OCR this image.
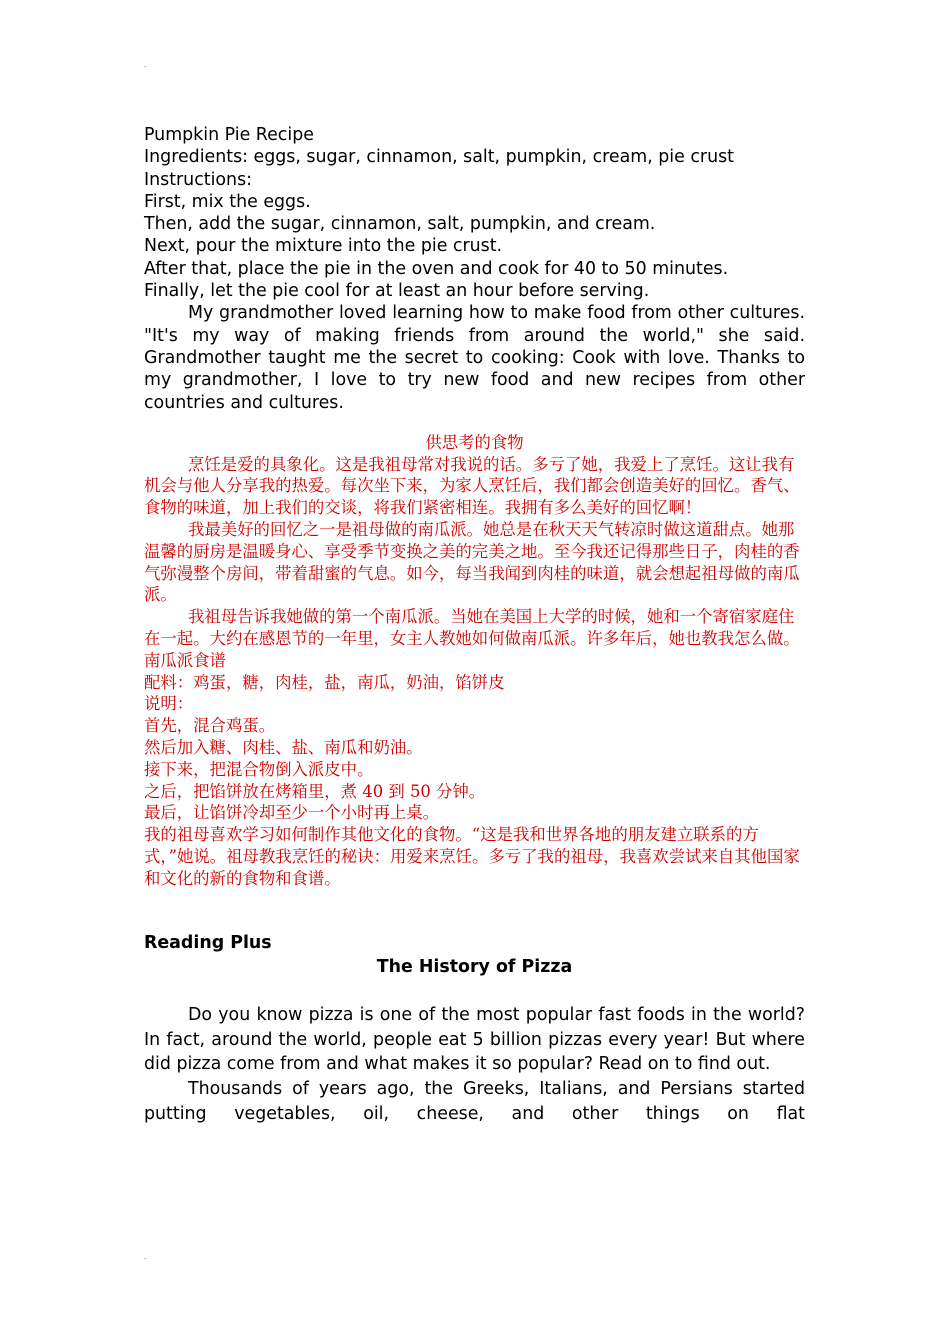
-

Pumpkin Pie Recipe

Ingredients: eggs, sugar, cinnamon, salt, pumpkin, cream, pie crust

Instructions:

First, mix the eggs.

Then, add the sugar, cinnamon, salt, pumpkin, and cream.

Next, pour the mixture into the pie crust.

After that, place the pie in the oven and cook for 40 to 50 minutes.

Finally, let the pie cool for at least an hour before serving.

My grandmother loved learning how to make food from other cultures. "It's my way of making friends from around the world," she said. Grandmother taught me the secret to cooking: Cook with love. Thanks to my grandmother, I love to try new food and new recipes from other countries and cultures.

供思考的食物

烹饪是爱的具象化。这是我祖母常对我说的话。多亏了她，我爱上了烹饪。这让我有机会与他人分享我的热爱。每次坐下来，为家人烹饪后，我们都会创造美好的回忆。香气、食物的味道，加上我们的交谈，将我们紧密相连。我拥有多么美好的回忆啊！

我最美好的回忆之一是祖母做的南瓜派。她总是在秋天天气转凉时做这道甜点。她那温馨的厨房是温暖身心、享受季节变换之美的完美之地。至今我还记得那些日子，肉桂的香气弥漫整个房间，带着甜蜜的气息。如今，每当我闻到肉桂的味道，就会想起祖母做的南瓜派。

我祖母告诉我她做的第一个南瓜派。当她在美国上大学的时候，她和一个寄宿家庭住在一起。大约在感恩节的一年里，女主人教她如何做南瓜派。许多年后，她也教我怎么做。

南瓜派食谱

配料：鸡蛋，糖，肉桂，盐，南瓜，奶油，馅饼皮

说明：

首先，混合鸡蛋。

然后加入糖、肉桂、盐、南瓜和奶油。

接下来，把混合物倒入派皮中。

之后，把馅饼放在烤箱里，煮 40 到 50 分钟。

最后，让馅饼冷却至少一个小时再上桌。

我的祖母喜欢学习如何制作其他文化的食物。“这是我和世界各地的朋友建立联系的方式，”她说。祖母教我烹饪的秘诀：用爱来烹饪。多亏了我的祖母，我喜欢尝试来自其他国家和文化的新的食物和食谱。

Reading Plus
The History of Pizza

Do you know pizza is one of the most popular fast foods in the world? In fact, around the world, people eat 5 billion pizzas every year! But where did pizza come from and what makes it so popular? Read on to find out.

Thousands of years ago, the Greeks, Italians, and Persians started putting vegetables, oil, cheese, and other things on flat

-
